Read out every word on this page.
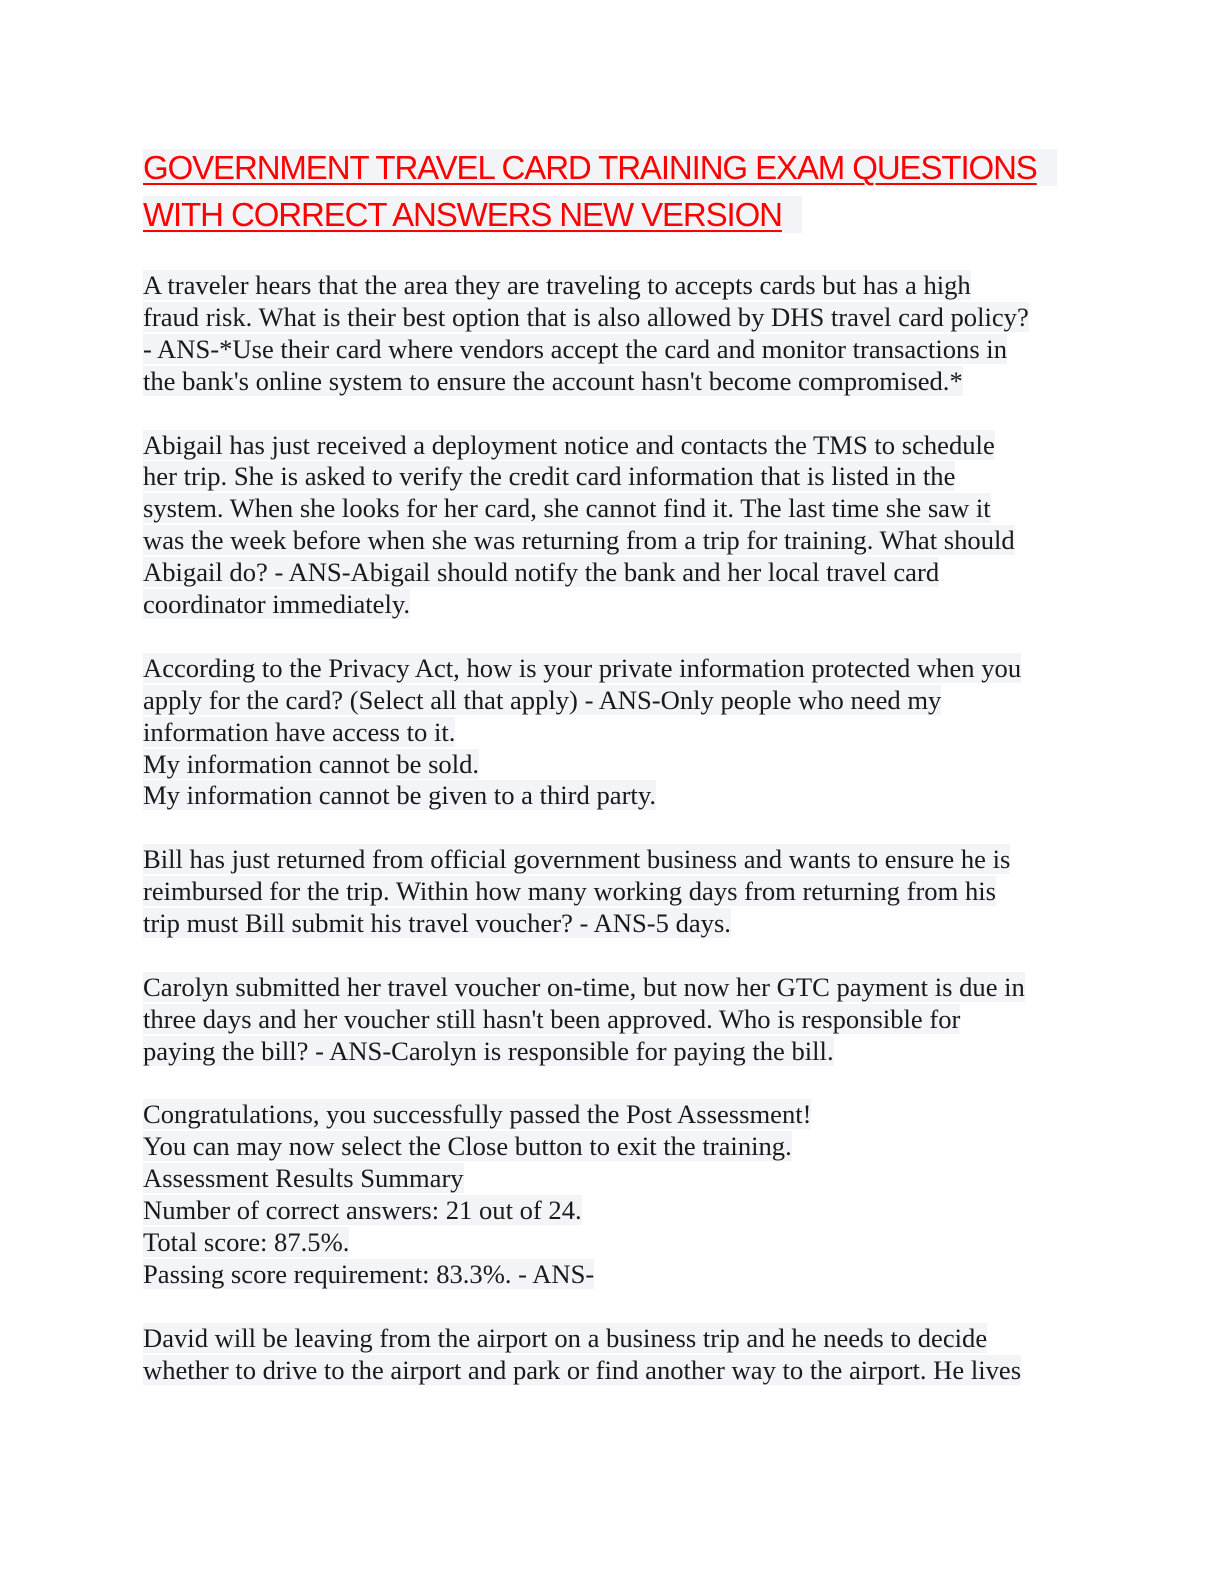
GOVERNMENT TRAVEL CARD TRAINING EXAM QUESTIONS
WITH CORRECT ANSWERS NEW VERSION
A traveler hears that the area they are traveling to accepts cards but has a high
fraud risk. What is their best option that is also allowed by DHS travel card policy?
- ANS-*Use their card where vendors accept the card and monitor transactions in
the bank's online system to ensure the account hasn't become compromised.*
Abigail has just received a deployment notice and contacts the TMS to schedule
her trip. She is asked to verify the credit card information that is listed in the
system. When she looks for her card, she cannot find it. The last time she saw it
was the week before when she was returning from a trip for training. What should
Abigail do? - ANS-Abigail should notify the bank and her local travel card
coordinator immediately.
According to the Privacy Act, how is your private information protected when you
apply for the card? (Select all that apply) - ANS-Only people who need my
information have access to it.
My information cannot be sold.
My information cannot be given to a third party.
Bill has just returned from official government business and wants to ensure he is
reimbursed for the trip. Within how many working days from returning from his
trip must Bill submit his travel voucher? - ANS-5 days.
Carolyn submitted her travel voucher on-time, but now her GTC payment is due in
three days and her voucher still hasn't been approved. Who is responsible for
paying the bill? - ANS-Carolyn is responsible for paying the bill.
Congratulations, you successfully passed the Post Assessment!
You can may now select the Close button to exit the training.
Assessment Results Summary
Number of correct answers: 21 out of 24.
Total score: 87.5%.
Passing score requirement: 83.3%. - ANS-
David will be leaving from the airport on a business trip and he needs to decide
whether to drive to the airport and park or find another way to the airport. He lives
